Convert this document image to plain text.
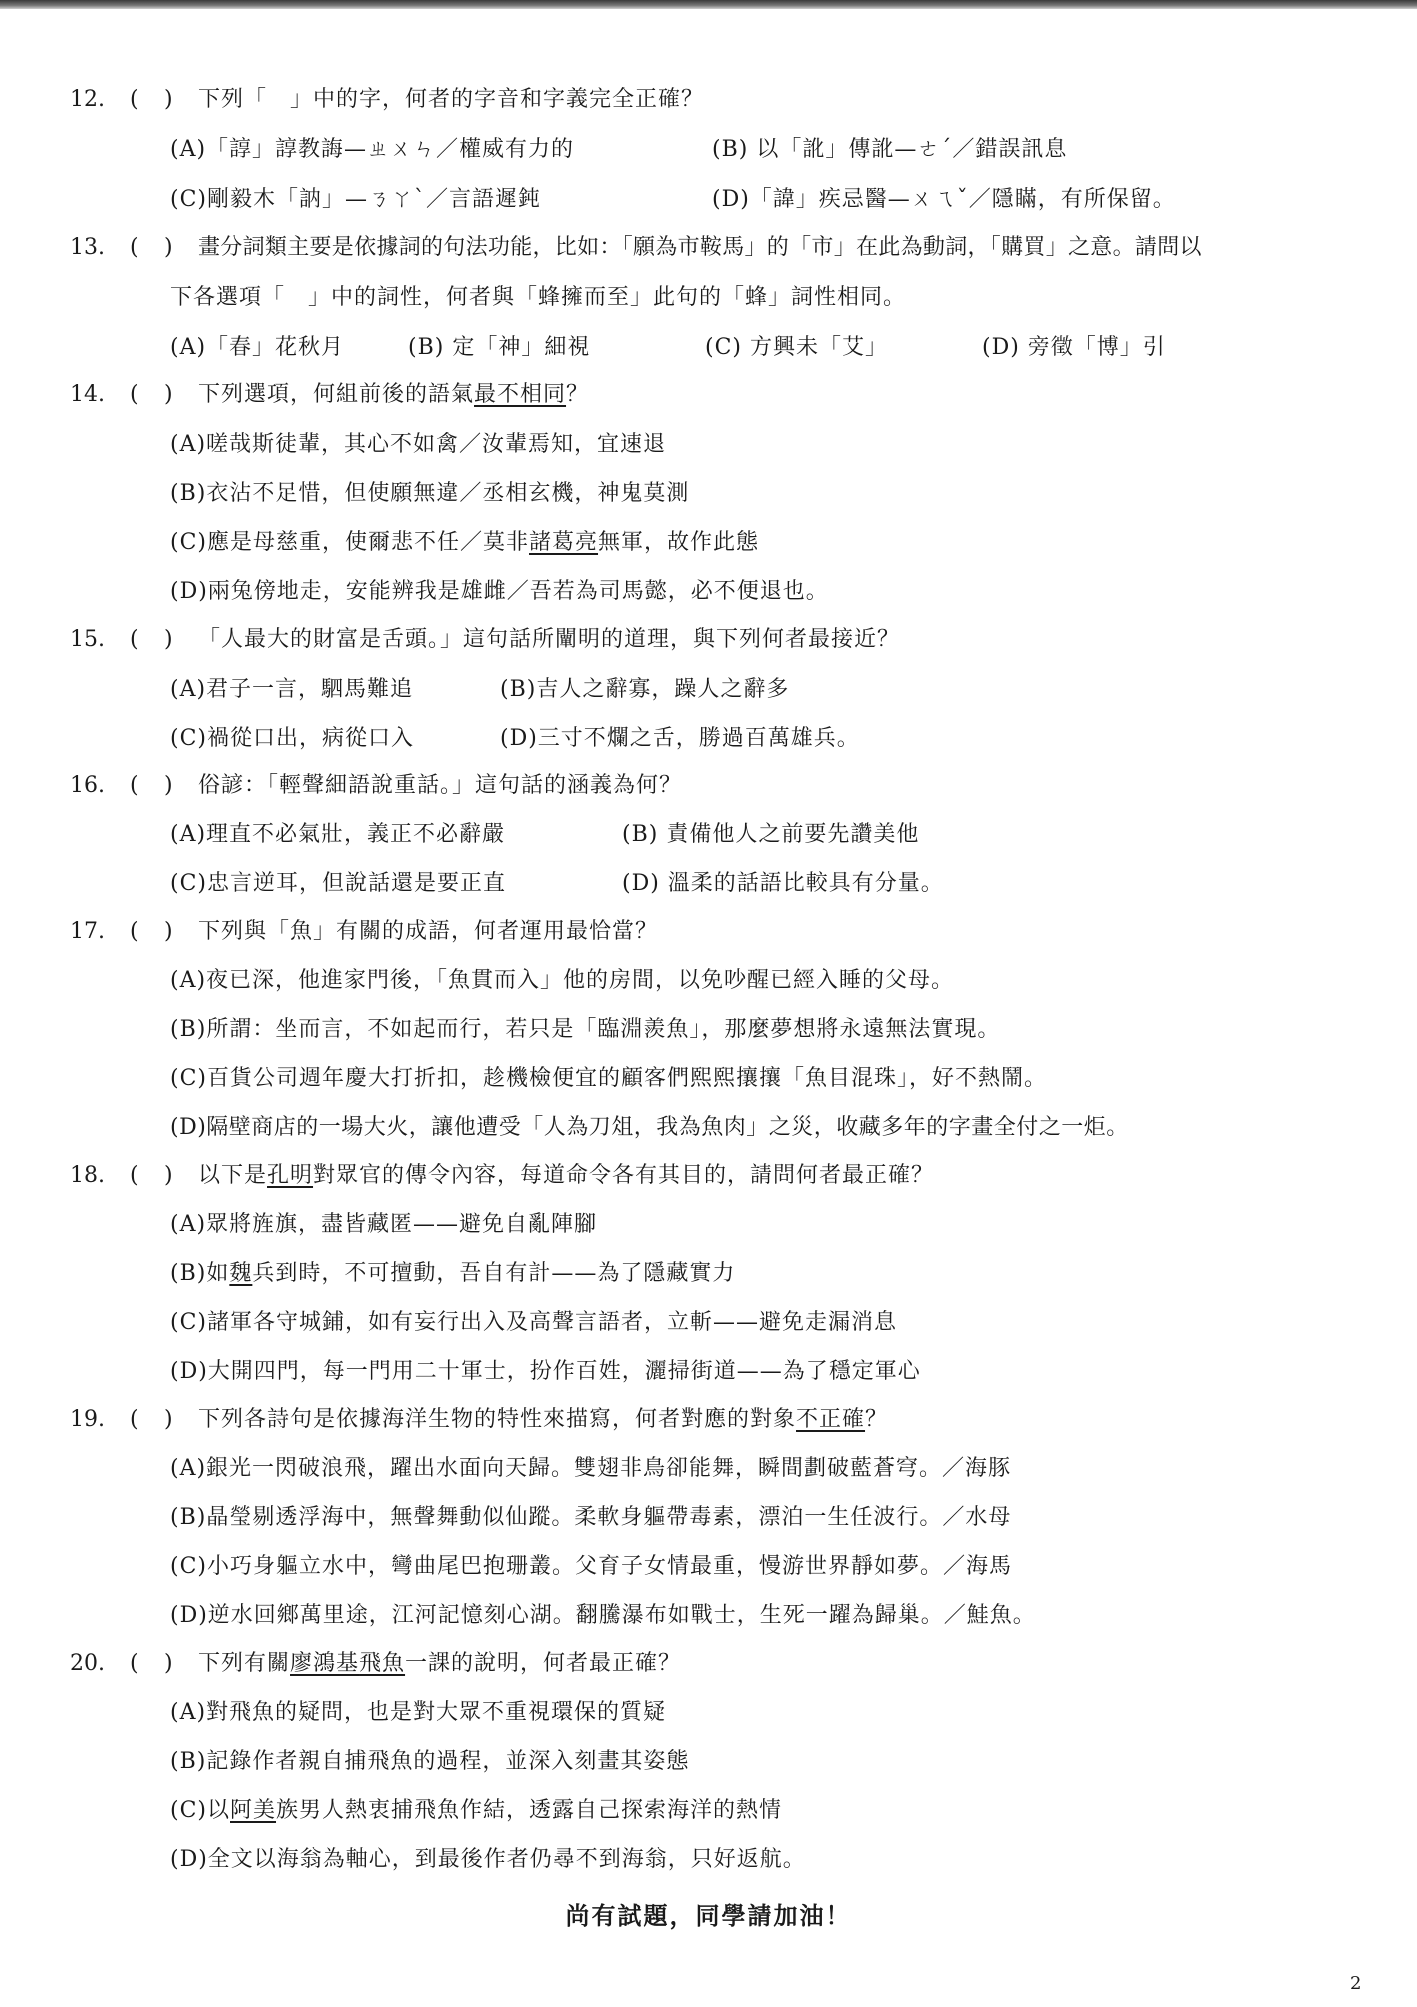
12. ( ) 下列「　」中的字，何者的字音和字義完全正確？
(A)「諄」諄教誨—ㄓㄨㄣ／權威有力的	(B) 以「訛」傳訛—ㄜˊ／錯誤訊息
(C)剛毅木「訥」—ㄋㄚˋ／言語遲鈍	(D)「諱」疾忌醫—ㄨㄟˇ／隱瞞，有所保留。
13. ( ) 畫分詞類主要是依據詞的句法功能，比如：「願為市鞍馬」的「市」在此為動詞，「購買」之意。請問以
下各選項「　」中的詞性，何者與「蜂擁而至」此句的「蜂」詞性相同。
(A)「春」花秋月	(B) 定「神」細視	(C) 方興未「艾」	(D) 旁徵「博」引
14. ( ) 下列選項，何組前後的語氣最不相同？
(A)嗟哉斯徒輩，其心不如禽／汝輩焉知，宜速退
(B)衣沾不足惜，但使願無違／丞相玄機，神鬼莫測
(C)應是母慈重，使爾悲不任／莫非諸葛亮無軍，故作此態
(D)兩兔傍地走，安能辨我是雄雌／吾若為司馬懿，必不便退也。
15. ( ) 「人最大的財富是舌頭。」這句話所闡明的道理，與下列何者最接近？
(A)君子一言，駟馬難追	(B)吉人之辭寡，躁人之辭多
(C)禍從口出，病從口入	(D)三寸不爛之舌，勝過百萬雄兵。
16. ( ) 俗諺：「輕聲細語說重話。」這句話的涵義為何？
(A)理直不必氣壯，義正不必辭嚴	(B) 責備他人之前要先讚美他
(C)忠言逆耳，但說話還是要正直	(D) 溫柔的話語比較具有分量。
17. ( ) 下列與「魚」有關的成語，何者運用最恰當？
(A)夜已深，他進家門後，「魚貫而入」他的房間，以免吵醒已經入睡的父母。
(B)所謂：坐而言，不如起而行，若只是「臨淵羨魚」，那麼夢想將永遠無法實現。
(C)百貨公司週年慶大打折扣，趁機檢便宜的顧客們熙熙攘攘「魚目混珠」，好不熱鬧。
(D)隔壁商店的一場大火，讓他遭受「人為刀俎，我為魚肉」之災，收藏多年的字畫全付之一炬。
18. ( ) 以下是孔明對眾官的傳令內容，每道命令各有其目的，請問何者最正確？
(A)眾將旌旗，盡皆藏匿——避免自亂陣腳
(B)如魏兵到時，不可擅動，吾自有計——為了隱藏實力
(C)諸軍各守城鋪，如有妄行出入及高聲言語者，立斬——避免走漏消息
(D)大開四門，每一門用二十軍士，扮作百姓，灑掃街道——為了穩定軍心
19. ( ) 下列各詩句是依據海洋生物的特性來描寫，何者對應的對象不正確？
(A)銀光一閃破浪飛，躍出水面向天歸。雙翅非鳥卻能舞，瞬間劃破藍蒼穹。／海豚
(B)晶瑩剔透浮海中，無聲舞動似仙蹤。柔軟身軀帶毒素，漂泊一生任波行。／水母
(C)小巧身軀立水中，彎曲尾巴抱珊叢。父育子女情最重，慢游世界靜如夢。／海馬
(D)逆水回鄉萬里途，江河記憶刻心湖。翻騰瀑布如戰士，生死一躍為歸巢。／鮭魚。
20. ( ) 下列有關廖鴻基飛魚一課的說明，何者最正確？
(A)對飛魚的疑問，也是對大眾不重視環保的質疑
(B)記錄作者親自捕飛魚的過程，並深入刻畫其姿態
(C)以阿美族男人熱衷捕飛魚作結，透露自己探索海洋的熱情
(D)全文以海翁為軸心，到最後作者仍尋不到海翁，只好返航。
尚有試題，同學請加油！
2
